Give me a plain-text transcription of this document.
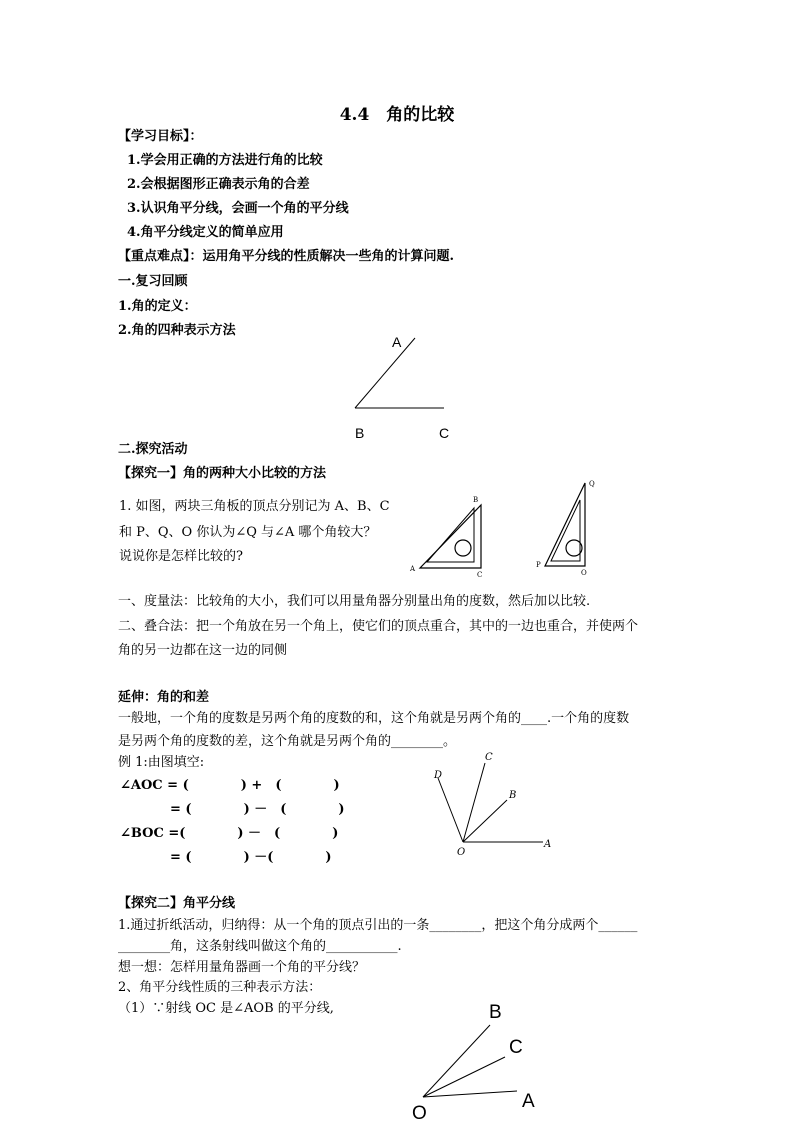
4.4　角的比较
【学习目标】：
1.学会用正确的方法进行角的比较
2.会根据图形正确表示角的合差
3.认识角平分线，会画一个角的平分线
4.角平分线定义的简单应用
【重点难点】：运用角平分线的性质解决一些角的计算问题.
一.复习回顾
1.角的定义：
2.角的四种表示方法
A
B	C
二.探究活动
【探究一】角的两种大小比较的方法
1. 如图，两块三角板的顶点分别记为 A、B、C
和 P、Q、O 你认为∠Q 与∠A 哪个角较大？
说说你是怎样比较的?
B
A
C
Q
P
O
一、度量法：比较角的大小，我们可以用量角器分别量出角的度数，然后加以比较.
二、叠合法：把一个角放在另一个角上，使它们的顶点重合，其中的一边也重合，并使两个
角的另一边都在这一边的同侧
延伸：角的和差
一般地，一个角的度数是另两个角的度数的和，这个角就是另两个角的____.一个角的度数
是另两个角的度数的差，这个角就是另两个角的________。
例 1:由图填空:
∠AOC = (　　　　) +　(　　　　)
= (　　　　) －　(　　　　)
∠BOC =(　　　　) －　(　　　　)
= (　　　　) －(　　　　)
D
C
B
O
A
【探究二】角平分线
1.通过折纸活动，归纳得：从一个角的顶点引出的一条________，把这个角分成两个______
________角，这条射线叫做这个角的___________.
想一想：怎样用量角器画一个角的平分线？
2、角平分线性质的三种表示方法：
（1）∵射线 OC 是∠AOB 的平分线,	B
C
A
O
